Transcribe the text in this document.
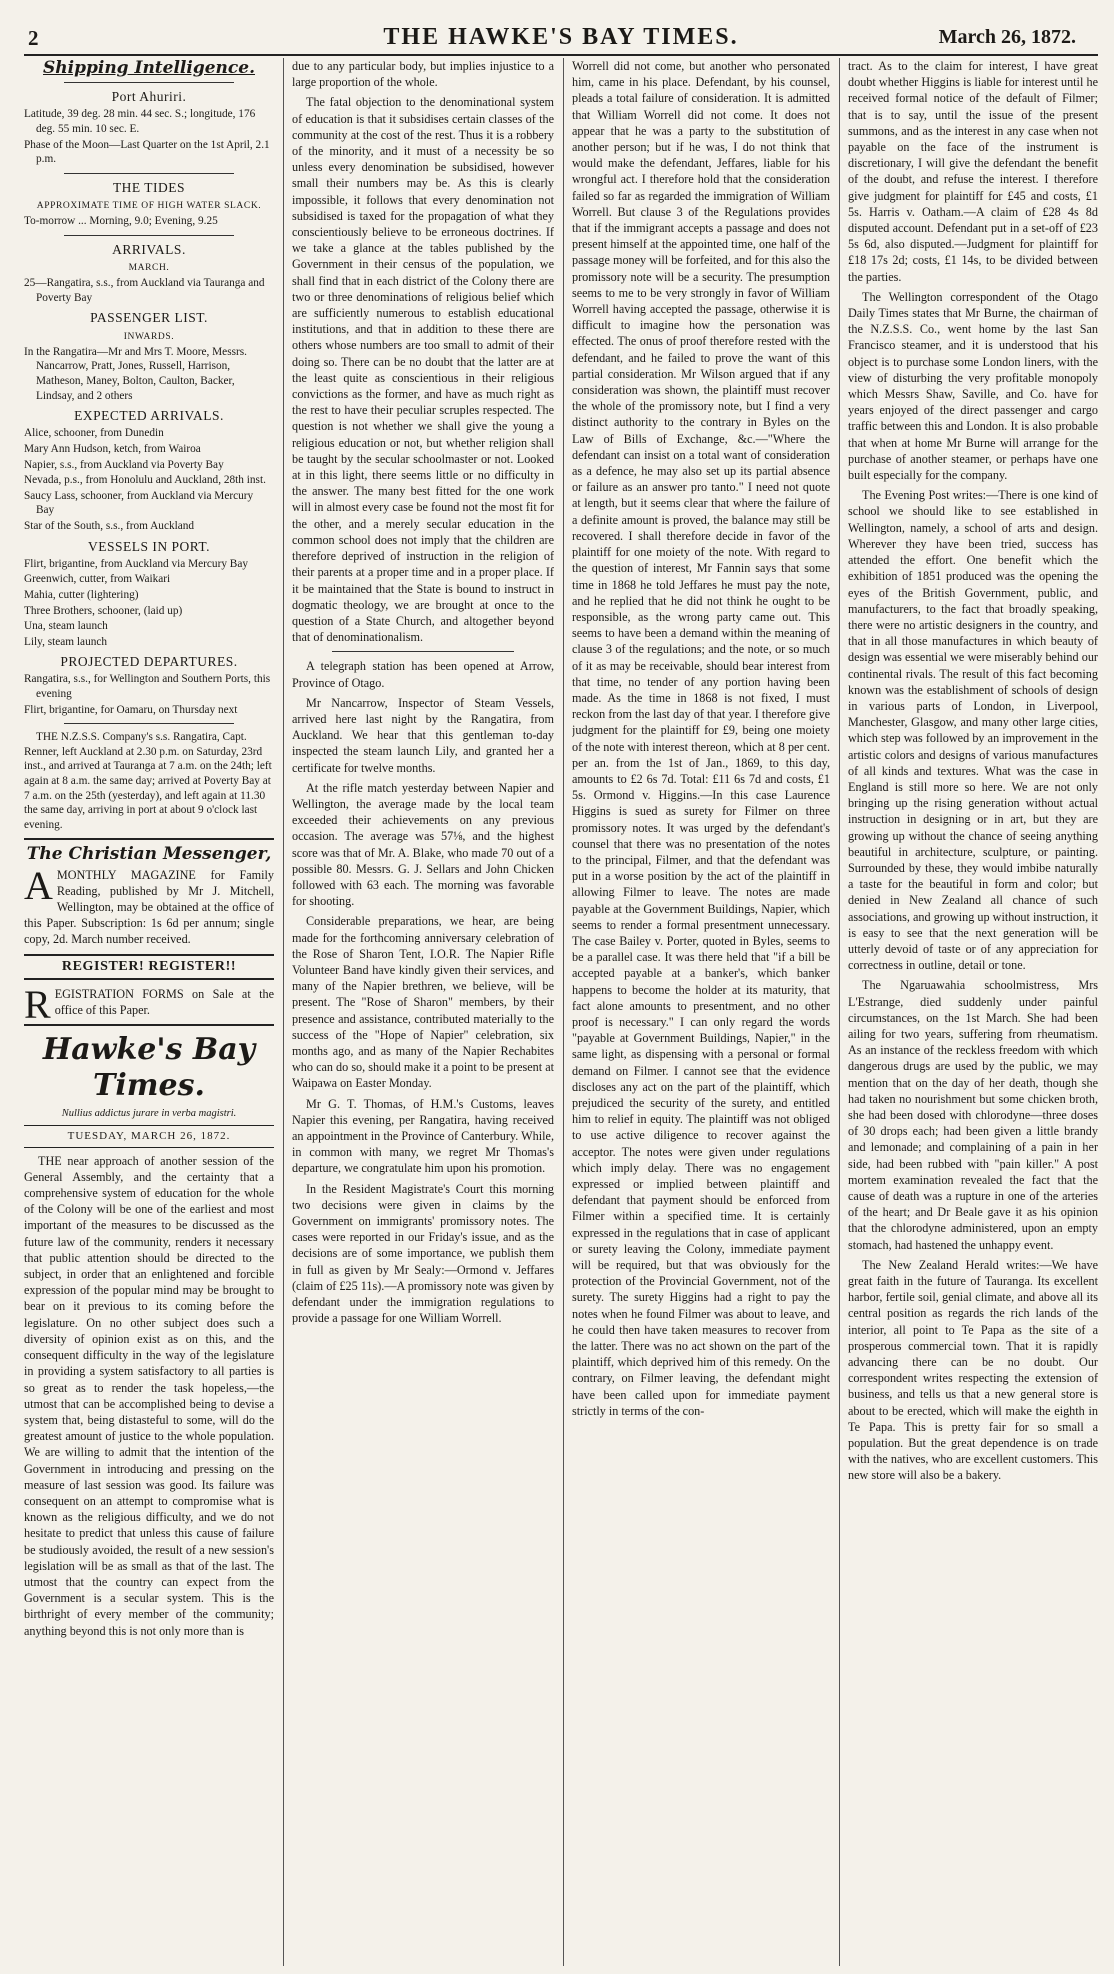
2	THE HAWKE'S BAY TIMES.	March 26, 1872.
Shipping Intelligence.
Port Ahuriri.

Latitude, 39 deg. 28 min. 44 sec. S.; longitude, 176 deg. 55 min. 10 sec. E.

Phase of the Moon—Last Quarter on the 1st April, 2.1 p.m.

THE TIDES
APPROXIMATE TIME OF HIGH WATER SLACK.

To-morrow ... Morning, 9.0; Evening, 9.25

ARRIVALS.
MARCH.

25—Rangatira, s.s., from Auckland via Tauranga and Poverty Bay

PASSENGER LIST.
INWARDS.

In the Rangatira—Mr and Mrs T. Moore, Messrs. Nancarrow, Pratt, Jones, Russell, Harrison, Matheson, Maney, Bolton, Caulton, Backer, Lindsay, and 2 others

EXPECTED ARRIVALS.

Alice, schooner, from Dunedin

Mary Ann Hudson, ketch, from Wairoa

Napier, s.s., from Auckland via Poverty Bay

Nevada, p.s., from Honolulu and Auckland, 28th inst.

Saucy Lass, schooner, from Auckland via Mercury Bay

Star of the South, s.s., from Auckland

VESSELS IN PORT.

Flirt, brigantine, from Auckland via Mercury Bay

Greenwich, cutter, from Waikari

Mahia, cutter (lightering)

Three Brothers, schooner, (laid up)

Una, steam launch

Lily, steam launch

PROJECTED DEPARTURES.

Rangatira, s.s., for Wellington and Southern Ports, this evening

Flirt, brigantine, for Oamaru, on Thursday next

THE N.Z.S.S. Company's s.s. Rangatira, Capt. Renner, left Auckland at 2.30 p.m. on Saturday, 23rd inst., and arrived at Tauranga at 7 a.m. on the 24th; left again at 8 a.m. the same day; arrived at Poverty Bay at 7 a.m. on the 25th (yesterday), and left again at 11.30 the same day, arriving in port at about 9 o'clock last evening.

The Christian Messenger,

AMONTHLY MAGAZINE for Family Reading, published by Mr J. Mitchell, Wellington, may be obtained at the office of this Paper. Subscription: 1s 6d per annum; single copy, 2d. March number received.

REGISTER! REGISTER!!

REGISTRATION FORMS on Sale at the office of this Paper.

Hawke's Bay Times.
Nullius addictus jurare in verba magistri.
TUESDAY, MARCH 26, 1872.

THE near approach of another session of the General Assembly, and the certainty that a comprehensive system of education for the whole of the Colony will be one of the earliest and most important of the measures to be discussed as the future law of the community, renders it necessary that public attention should be directed to the subject, in order that an enlightened and forcible expression of the popular mind may be brought to bear on it previous to its coming before the legislature. On no other subject does such a diversity of opinion exist as on this, and the consequent difficulty in the way of the legislature in providing a system satisfactory to all parties is so great as to render the task hopeless,—the utmost that can be accomplished being to devise a system that, being distasteful to some, will do the greatest amount of justice to the whole population. We are willing to admit that the intention of the Government in introducing and pressing on the measure of last session was good. Its failure was consequent on an attempt to compromise what is known as the religious difficulty, and we do not hesitate to predict that unless this cause of failure be studiously avoided, the result of a new session's legislation will be as small as that of the last. The utmost that the country can expect from the Government is a secular system. This is the birthright of every member of the community; anything beyond this is not only more than is

due to any particular body, but implies injustice to a large proportion of the whole.

The fatal objection to the denominational system of education is that it subsidises certain classes of the community at the cost of the rest. Thus it is a robbery of the minority, and it must of a necessity be so unless every denomination be subsidised, however small their numbers may be. As this is clearly impossible, it follows that every denomination not subsidised is taxed for the propagation of what they conscientiously believe to be erroneous doctrines. If we take a glance at the tables published by the Government in their census of the population, we shall find that in each district of the Colony there are two or three denominations of religious belief which are sufficiently numerous to establish educational institutions, and that in addition to these there are others whose numbers are too small to admit of their doing so. There can be no doubt that the latter are at the least quite as conscientious in their religious convictions as the former, and have as much right as the rest to have their peculiar scruples respected. The question is not whether we shall give the young a religious education or not, but whether religion shall be taught by the secular schoolmaster or not. Looked at in this light, there seems little or no difficulty in the answer. The many best fitted for the one work will in almost every case be found not the most fit for the other, and a merely secular education in the common school does not imply that the children are therefore deprived of instruction in the religion of their parents at a proper time and in a proper place. If it be maintained that the State is bound to instruct in dogmatic theology, we are brought at once to the question of a State Church, and altogether beyond that of denominationalism.

A telegraph station has been opened at Arrow, Province of Otago.

Mr Nancarrow, Inspector of Steam Vessels, arrived here last night by the Rangatira, from Auckland. We hear that this gentleman to-day inspected the steam launch Lily, and granted her a certificate for twelve months.

At the rifle match yesterday between Napier and Wellington, the average made by the local team exceeded their achievements on any previous occasion. The average was 57⅛, and the highest score was that of Mr. A. Blake, who made 70 out of a possible 80. Messrs. G. J. Sellars and John Chicken followed with 63 each. The morning was favorable for shooting.

Considerable preparations, we hear, are being made for the forthcoming anniversary celebration of the Rose of Sharon Tent, I.O.R. The Napier Rifle Volunteer Band have kindly given their services, and many of the Napier brethren, we believe, will be present. The "Rose of Sharon" members, by their presence and assistance, contributed materially to the success of the "Hope of Napier" celebration, six months ago, and as many of the Napier Rechabites who can do so, should make it a point to be present at Waipawa on Easter Monday.

Mr G. T. Thomas, of H.M.'s Customs, leaves Napier this evening, per Rangatira, having received an appointment in the Province of Canterbury. While, in common with many, we regret Mr Thomas's departure, we congratulate him upon his promotion.

In the Resident Magistrate's Court this morning two decisions were given in claims by the Government on immigrants' promissory notes. The cases were reported in our Friday's issue, and as the decisions are of some importance, we publish them in full as given by Mr Sealy:—Ormond v. Jeffares (claim of £25 11s).—A promissory note was given by defendant under the immigration regulations to provide a passage for one William Worrell.

Worrell did not come, but another who personated him, came in his place. Defendant, by his counsel, pleads a total failure of consideration. It is admitted that William Worrell did not come. It does not appear that he was a party to the substitution of another person; but if he was, I do not think that would make the defendant, Jeffares, liable for his wrongful act. I therefore hold that the consideration failed so far as regarded the immigration of William Worrell. But clause 3 of the Regulations provides that if the immigrant accepts a passage and does not present himself at the appointed time, one half of the passage money will be forfeited, and for this also the promissory note will be a security. The presumption seems to me to be very strongly in favor of William Worrell having accepted the passage, otherwise it is difficult to imagine how the personation was effected. The onus of proof therefore rested with the defendant, and he failed to prove the want of this partial consideration. Mr Wilson argued that if any consideration was shown, the plaintiff must recover the whole of the promissory note, but I find a very distinct authority to the contrary in Byles on the Law of Bills of Exchange, &c.—"Where the defendant can insist on a total want of consideration as a defence, he may also set up its partial absence or failure as an answer pro tanto." I need not quote at length, but it seems clear that where the failure of a definite amount is proved, the balance may still be recovered. I shall therefore decide in favor of the plaintiff for one moiety of the note. With regard to the question of interest, Mr Fannin says that some time in 1868 he told Jeffares he must pay the note, and he replied that he did not think he ought to be responsible, as the wrong party came out. This seems to have been a demand within the meaning of clause 3 of the regulations; and the note, or so much of it as may be receivable, should bear interest from that time, no tender of any portion having been made. As the time in 1868 is not fixed, I must reckon from the last day of that year. I therefore give judgment for the plaintiff for £9, being one moiety of the note with interest thereon, which at 8 per cent. per an. from the 1st of Jan., 1869, to this day, amounts to £2 6s 7d. Total: £11 6s 7d and costs, £1 5s. Ormond v. Higgins.—In this case Laurence Higgins is sued as surety for Filmer on three promissory notes. It was urged by the defendant's counsel that there was no presentation of the notes to the principal, Filmer, and that the defendant was put in a worse position by the act of the plaintiff in allowing Filmer to leave. The notes are made payable at the Government Buildings, Napier, which seems to render a formal presentment unnecessary. The case Bailey v. Porter, quoted in Byles, seems to be a parallel case. It was there held that "if a bill be accepted payable at a banker's, which banker happens to become the holder at its maturity, that fact alone amounts to presentment, and no other proof is necessary." I can only regard the words "payable at Government Buildings, Napier," in the same light, as dispensing with a personal or formal demand on Filmer. I cannot see that the evidence discloses any act on the part of the plaintiff, which prejudiced the security of the surety, and entitled him to relief in equity. The plaintiff was not obliged to use active diligence to recover against the acceptor. The notes were given under regulations which imply delay. There was no engagement expressed or implied between plaintiff and defendant that payment should be enforced from Filmer within a specified time. It is certainly expressed in the regulations that in case of applicant or surety leaving the Colony, immediate payment will be required, but that was obviously for the protection of the Provincial Government, not of the surety. The surety Higgins had a right to pay the notes when he found Filmer was about to leave, and he could then have taken measures to recover from the latter. There was no act shown on the part of the plaintiff, which deprived him of this remedy. On the contrary, on Filmer leaving, the defendant might have been called upon for immediate payment strictly in terms of the con-

tract. As to the claim for interest, I have great doubt whether Higgins is liable for interest until he received formal notice of the default of Filmer; that is to say, until the issue of the present summons, and as the interest in any case when not payable on the face of the instrument is discretionary, I will give the defendant the benefit of the doubt, and refuse the interest. I therefore give judgment for plaintiff for £45 and costs, £1 5s. Harris v. Oatham.—A claim of £28 4s 8d disputed account. Defendant put in a set-off of £23 5s 6d, also disputed.—Judgment for plaintiff for £18 17s 2d; costs, £1 14s, to be divided between the parties.

The Wellington correspondent of the Otago Daily Times states that Mr Burne, the chairman of the N.Z.S.S. Co., went home by the last San Francisco steamer, and it is understood that his object is to purchase some London liners, with the view of disturbing the very profitable monopoly which Messrs Shaw, Saville, and Co. have for years enjoyed of the direct passenger and cargo traffic between this and London. It is also probable that when at home Mr Burne will arrange for the purchase of another steamer, or perhaps have one built especially for the company.

The Evening Post writes:—There is one kind of school we should like to see established in Wellington, namely, a school of arts and design. Wherever they have been tried, success has attended the effort. One benefit which the exhibition of 1851 produced was the opening the eyes of the British Government, public, and manufacturers, to the fact that broadly speaking, there were no artistic designers in the country, and that in all those manufactures in which beauty of design was essential we were miserably behind our continental rivals. The result of this fact becoming known was the establishment of schools of design in various parts of London, in Liverpool, Manchester, Glasgow, and many other large cities, which step was followed by an improvement in the artistic colors and designs of various manufactures of all kinds and textures. What was the case in England is still more so here. We are not only bringing up the rising generation without actual instruction in designing or in art, but they are growing up without the chance of seeing anything beautiful in architecture, sculpture, or painting. Surrounded by these, they would imbibe naturally a taste for the beautiful in form and color; but denied in New Zealand all chance of such associations, and growing up without instruction, it is easy to see that the next generation will be utterly devoid of taste or of any appreciation for correctness in outline, detail or tone.

The Ngaruawahia schoolmistress, Mrs L'Estrange, died suddenly under painful circumstances, on the 1st March. She had been ailing for two years, suffering from rheumatism. As an instance of the reckless freedom with which dangerous drugs are used by the public, we may mention that on the day of her death, though she had taken no nourishment but some chicken broth, she had been dosed with chlorodyne—three doses of 30 drops each; had been given a little brandy and lemonade; and complaining of a pain in her side, had been rubbed with "pain killer." A post mortem examination revealed the fact that the cause of death was a rupture in one of the arteries of the heart; and Dr Beale gave it as his opinion that the chlorodyne administered, upon an empty stomach, had hastened the unhappy event.

The New Zealand Herald writes:—We have great faith in the future of Tauranga. Its excellent harbor, fertile soil, genial climate, and above all its central position as regards the rich lands of the interior, all point to Te Papa as the site of a prosperous commercial town. That it is rapidly advancing there can be no doubt. Our correspondent writes respecting the extension of business, and tells us that a new general store is about to be erected, which will make the eighth in Te Papa. This is pretty fair for so small a population. But the great dependence is on trade with the natives, who are excellent customers. This new store will also be a bakery.
